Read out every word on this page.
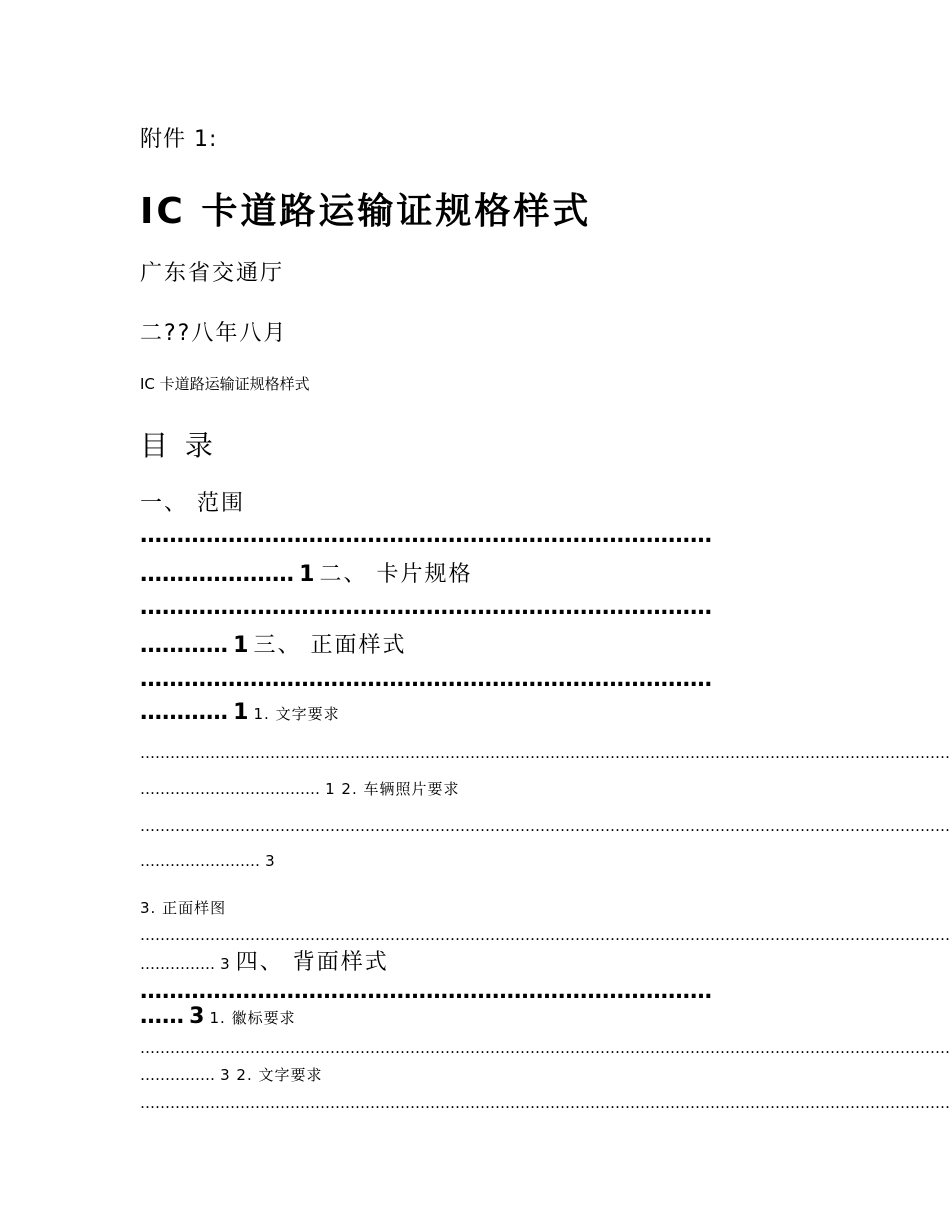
附件 1:
IC 卡道路运输证规格样式
广东省交通厅
二??八年八月
IC 卡道路运输证规格样式
目 录
一、 范围
……………………………………………………………………
………………… 1 二、 卡片规格
……………………………………………………………………
………… 1 三、 正面样式
……………………………………………………………………
………… 1 1. 文字要求
………………………………………………………………………………………………………………………………………………
……………………………… 1 2. 车辆照片要求
………………………………………………………………………………………………………………………………………………
…………………… 3
3. 正面样图
………………………………………………………………………………………………………………………………………………
…………… 3 四、 背面样式
……………………………………………………………………
…… 3 1. 徽标要求
………………………………………………………………………………………………………………………………………………
…………… 3 2. 文字要求
………………………………………………………………………………………………………………………………………………
